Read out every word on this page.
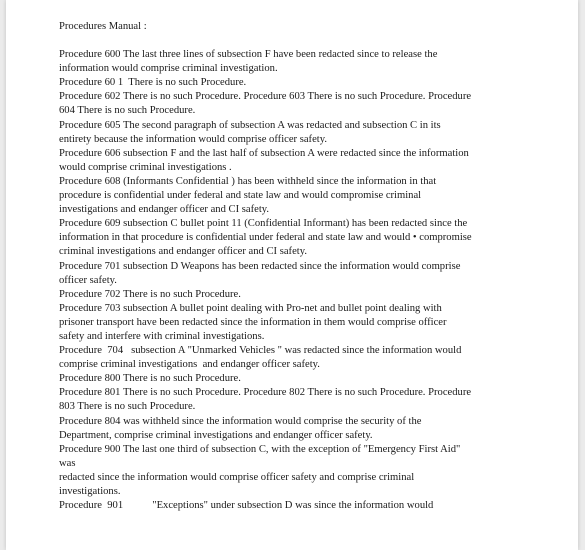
Procedures Manual :
Procedure 600 The last three lines of subsection F have been redacted since to release the
information would comprise criminal investigation.
Procedure 60 1  There is no such Procedure.
Procedure 602 There is no such Procedure. Procedure 603 There is no such Procedure. Procedure
604 There is no such Procedure.
Procedure 605 The second paragraph of subsection A was redacted and subsection C in its
entirety because the information would comprise officer safety.
Procedure 606 subsection F and the last half of subsection A were redacted since the information
would comprise criminal investigations .
Procedure 608 (Informants Confidential ) has been withheld since the information in that
procedure is confidential under federal and state law and would compromise criminal
investigations and endanger officer and CI safety.
Procedure 609 subsection C bullet point 11 (Confidential Informant) has been redacted since the
information in that procedure is confidential under federal and state law and would • compromise
criminal investigations and endanger officer and CI safety.
Procedure 701 subsection D Weapons has been redacted since the information would comprise
officer safety.
Procedure 702 There is no such Procedure.
Procedure 703 subsection A bullet point dealing with Pro-net and bullet point dealing with
prisoner transport have been redacted since the information in them would comprise officer
safety and interfere with criminal investigations.
Procedure  704   subsection A "Unmarked Vehicles " was redacted since the information would
comprise criminal investigations  and endanger officer safety.
Procedure 800 There is no such Procedure.
Procedure 801 There is no such Procedure. Procedure 802 There is no such Procedure. Procedure
803 There is no such Procedure.
Procedure 804 was withheld since the information would comprise the security of the
Department, comprise criminal investigations and endanger officer safety.
Procedure 900 The last one third of subsection C, with the exception of "Emergency First Aid"
was
redacted since the information would comprise officer safety and comprise criminal
investigations.
Procedure  901           "Exceptions" under subsection D was since the information would
